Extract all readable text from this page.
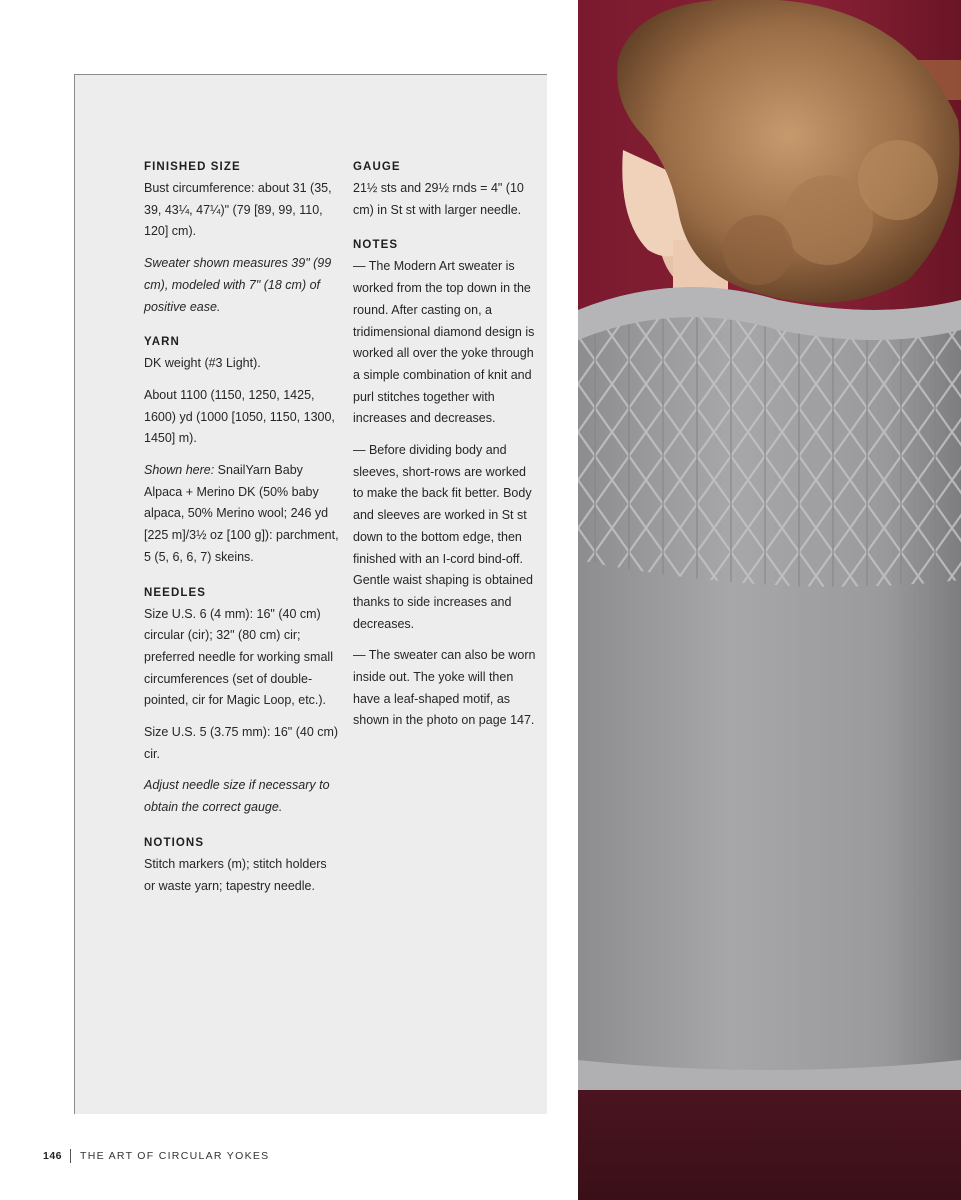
FINISHED SIZE

Bust circumference: about 31 (35, 39, 43¼, 47¼)" (79 [89, 99, 110, 120] cm).

Sweater shown measures 39" (99 cm), modeled with 7" (18 cm) of positive ease.

YARN

DK weight (#3 Light).

About 1100 (1150, 1250, 1425, 1600) yd (1000 [1050, 1150, 1300, 1450] m).

Shown here: SnailYarn Baby Alpaca + Merino DK (50% baby alpaca, 50% Merino wool; 246 yd [225 m]/3½ oz [100 g]): parchment, 5 (5, 6, 6, 7) skeins.

NEEDLES

Size U.S. 6 (4 mm): 16" (40 cm) circular (cir); 32" (80 cm) cir; preferred needle for working small circumferences (set of double-pointed, cir for Magic Loop, etc.).

Size U.S. 5 (3.75 mm): 16" (40 cm) cir.

Adjust needle size if necessary to obtain the correct gauge.

NOTIONS

Stitch markers (m); stitch holders or waste yarn; tapestry needle.

GAUGE

21½ sts and 29½ rnds = 4" (10 cm) in St st with larger needle.

NOTES

— The Modern Art sweater is worked from the top down in the round. After casting on, a tridimensional diamond design is worked all over the yoke through a simple combination of knit and purl stitches together with increases and decreases.

— Before dividing body and sleeves, short-rows are worked to make the back fit better. Body and sleeves are worked in St st down to the bottom edge, then finished with an I-cord bind-off. Gentle waist shaping is obtained thanks to side increases and decreases.

— The sweater can also be worn inside out. The yoke will then have a leaf-shaped motif, as shown in the photo on page 147.

146 THE ART OF CIRCULAR YOKES
